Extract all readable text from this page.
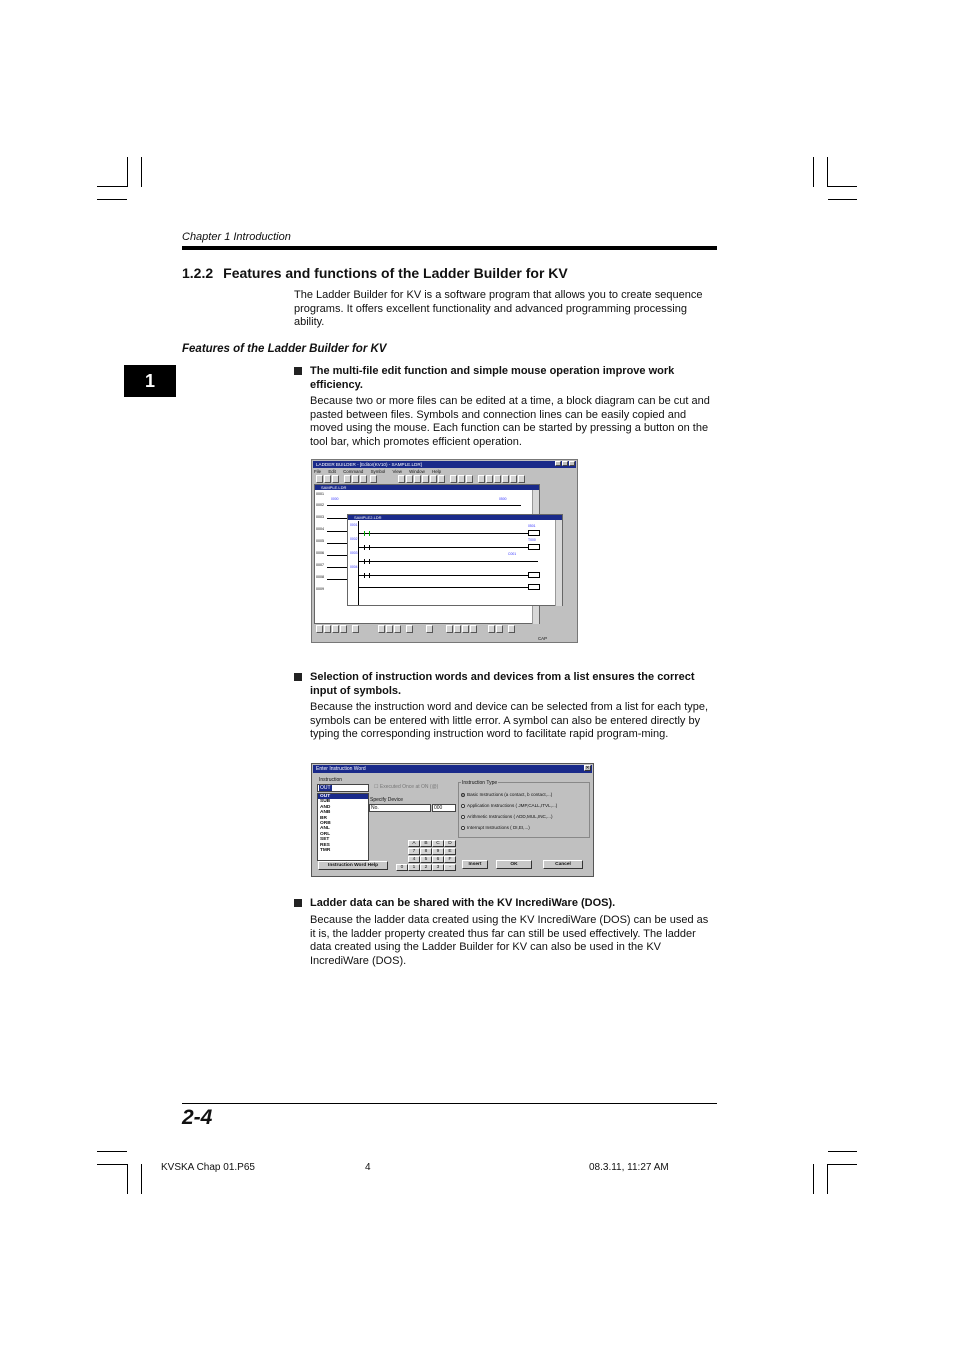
Chapter 1 Introduction
1.2.2 Features and functions of the Ladder Builder for KV
The Ladder Builder for KV is a software program that allows you to create sequence programs. It offers excellent functionality and advanced programming processing ability.
Features of the Ladder Builder for KV
1	The multi-file edit function and simple mouse operation improve work efficiency.
Because two or more files can be edited at a time, a block diagram can be cut and pasted between files. Symbols and connection lines can be easily copied and moved using the mouse. Each function can be started by pressing a button on the tool bar, which promotes efficient operation.
LADDER BUILDER - [Editor(KV10) - SAMPLE.LDR]
File Edit Command Symbol View Window Help
SAMPLE.LDR
0001
0002
0003
0004
0005
0006
0007
0008
0009
0000	0500
SAMPLE2.LDR
0001
0002
0003
0004
0501
T000
C001
CAP
Selection of instruction words and devices from a list ensures the correct input of symbols.
Because the instruction word and device can be selected from a list for each type, symbols can be entered with little error. A symbol can also be entered directly by typing the corresponding instruction word to facilitate rapid program-ming.
Enter Instruction Word	✕
Instruction
OUT
OUT
SUB
AND
ANB
BR
ORB
ANL
ORL
SET
RES
TMR
☐ Executed Once at ON (@)
Specify Device
No.	000
Instruction Type
Basic Instructions (a contact, b contact,...)
Application Instructions ( JMP,CALL,ITVL,...)
Arithmetic Instructions ( ADD,MUL,INC,...)
Interrupt Instructions ( DI,EI,...)
A	B	C	D
7	8	9	E
4	5	6	F
0	1	2	3	-
Instruction Word Help	Insert	OK	Cancel
Ladder data can be shared with the KV IncrediWare (DOS).
Because the ladder data created using the KV IncrediWare (DOS) can be used as it is, the ladder property created thus far can still be used effectively. The ladder data created using the Ladder Builder for KV can also be used in the KV IncrediWare (DOS).
2-4
KVSKA Chap 01.P65	4	08.3.11, 11:27 AM
